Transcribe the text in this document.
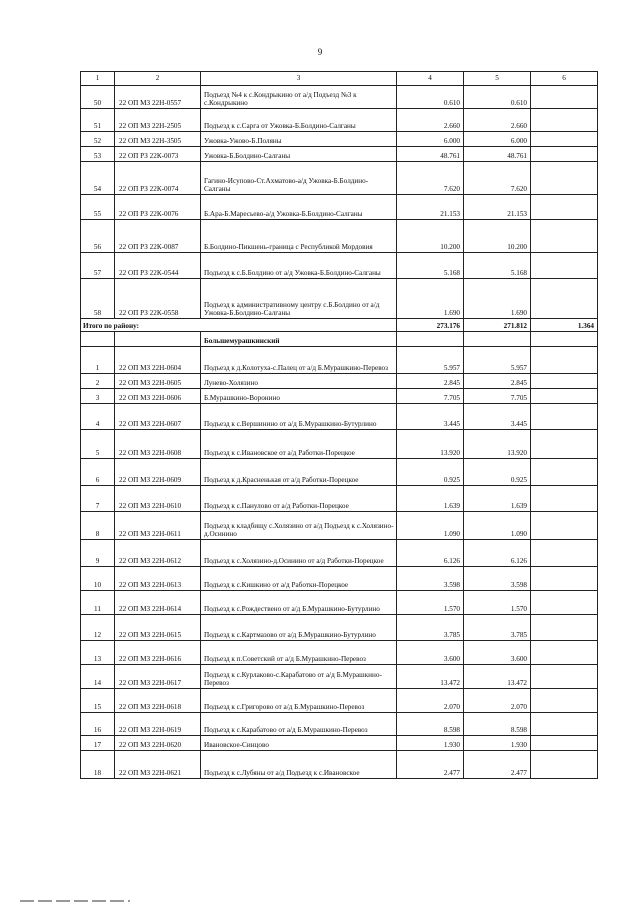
9
1	2	3	4	5	6
50	22 ОП МЗ 22Н-0557	Подъезд №4 к с.Кондрыкино от а/д Подъезд №3 к с.Кондрыкино	0.610	0.610	
51	22 ОП МЗ 22Н-2505	Подъезд к с.Сарга от Ужовка-Б.Болдино-Салганы	2.660	2.660	
52	22 ОП МЗ 22Н-3505	Ужовка-Ужово-Б.Поляны	6.000	6.000	
53	22 ОП РЗ 22К-0073	Ужовка-Б.Болдино-Салганы	48.761	48.761	
54	22 ОП РЗ 22К-0074	Гагино-Исупово-Ст.Ахматово-а/д Ужовка-Б.Болдино-Салганы	7.620	7.620	
55	22 ОП РЗ 22К-0076	Б.Ара-Б.Маресьево-а/д Ужовка-Б.Болдино-Салганы	21.153	21.153	
56	22 ОП РЗ 22К-0087	Б.Болдино-Пикшень-граница с Республикой Мордовия	10.200	10.200	
57	22 ОП РЗ 22К-0544	Подъезд к с.Б.Болдино от а/д Ужовка-Б.Болдино-Салганы	5.168	5.168	
58	22 ОП РЗ 22К-0558	Подъезд к административному центру с.Б.Болдино от а/д Ужовка-Б.Болдино-Салганы	1.690	1.690	
Итого по району:			273.176	271.812	1.364
		Большемурашкинский			
1	22 ОП МЗ 22Н-0604	Подъезд к д.Колотуха-с.Палец от а/д Б.Мурашкино-Перевоз	5.957	5.957	
2	22 ОП МЗ 22Н-0605	Лунево-Холязино	2.845	2.845	
3	22 ОП МЗ 22Н-0606	Б.Мурашкино-Воронино	7.705	7.705	
4	22 ОП МЗ 22Н-0607	Подъезд к с.Вершинино от а/д Б.Мурашкино-Бутурлино	3.445	3.445	
5	22 ОП МЗ 22Н-0608	Подъезд к с.Ивановское от а/д Работки-Порецкое	13.920	13.920	
6	22 ОП МЗ 22Н-0609	Подъезд к д.Красненькая от а/д Работки-Порецкое	0.925	0.925	
7	22 ОП МЗ 22Н-0610	Подъезд к с.Панулово от а/д Работки-Порецкое	1.639	1.639	
8	22 ОП МЗ 22Н-0611	Подъезд к кладбищу с.Холязино от а/д Подъезд к с.Холязино-д.Осинино	1.090	1.090	
9	22 ОП МЗ 22Н-0612	Подъезд к с.Холязино-д.Осинино от а/д Работки-Порецкое	6.126	6.126	
10	22 ОП МЗ 22Н-0613	Подъезд к с.Кишкино от а/д Работки-Порецкое	3.598	3.598	
11	22 ОП МЗ 22Н-0614	Подъезд к с.Рождествено от а/д Б.Мурашкино-Бутурлино	1.570	1.570	
12	22 ОП МЗ 22Н-0615	Подъезд к с.Картмазово от а/д Б.Мурашкино-Бутурлино	3.785	3.785	
13	22 ОП МЗ 22Н-0616	Подъезд к п.Советский от а/д Б.Мурашкино-Перевоз	3.600	3.600	
14	22 ОП МЗ 22Н-0617	Подъезд к с.Курлаково-с.Карабатово от а/д Б.Мурашкино-Перевоз	13.472	13.472	
15	22 ОП МЗ 22Н-0618	Подъезд к с.Григорово от а/д Б.Мурашкино-Перевоз	2.070	2.070	
16	22 ОП МЗ 22Н-0619	Подъезд к с.Карабатово от а/д Б.Мурашкино-Перевоз	8.598	8.598	
17	22 ОП МЗ 22Н-0620	Ивановское-Синцово	1.930	1.930	
18	22 ОП МЗ 22Н-0621	Подъезд к с.Лубяны от а/д Подъезд к с.Ивановское	2.477	2.477	
